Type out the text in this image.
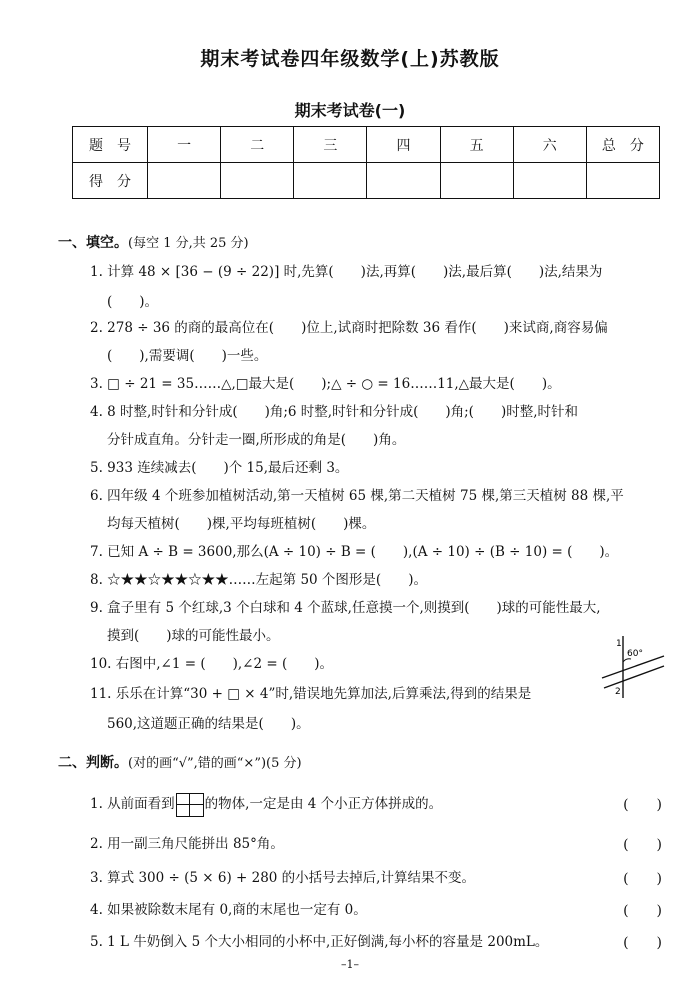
期末考试卷四年级数学(上)苏教版
期末考试卷(一)
题　号	一	二	三	四	五	六	总　分
得　分							
一、填空。(每空 1 分,共 25 分)
1. 计算 48 × [36 − (9 ÷ 22)] 时,先算(　　)法,再算(　　)法,最后算(　　)法,结果为
(　　)。
2. 278 ÷ 36 的商的最高位在(　　)位上,试商时把除数 36 看作(　　)来试商,商容易偏
(　　),需要调(　　)一些。
3. □ ÷ 21 = 35……△,□最大是(　　);△ ÷ ○ = 16……11,△最大是(　　)。
4. 8 时整,时针和分针成(　　)角;6 时整,时针和分针成(　　)角;(　　)时整,时针和
分针成直角。分针走一圈,所形成的角是(　　)角。
5. 933 连续减去(　　)个 15,最后还剩 3。
6. 四年级 4 个班参加植树活动,第一天植树 65 棵,第二天植树 75 棵,第三天植树 88 棵,平
均每天植树(　　)棵,平均每班植树(　　)棵。
7. 已知 A ÷ B = 3600,那么(A ÷ 10) ÷ B = (　　),(A ÷ 10) ÷ (B ÷ 10) = (　　)。
8. ☆★★☆★★☆★★……左起第 50 个图形是(　　)。
9. 盒子里有 5 个红球,3 个白球和 4 个蓝球,任意摸一个,则摸到(　　)球的可能性最大,
摸到(　　)球的可能性最小。
10. 右图中,∠1 = (　　),∠2 = (　　)。
11. 乐乐在计算“30 + □ × 4”时,错误地先算加法,后算乘法,得到的结果是
560,这道题正确的结果是(　　)。
60°
1
2
二、判断。(对的画“√”,错的画“×”)(5 分)
1. 从前面看到 的物体,一定是由 4 个小正方体拼成的。	(　　)
2. 用一副三角尺能拼出 85°角。	(　　)
3. 算式 300 ÷ (5 × 6) + 280 的小括号去掉后,计算结果不变。	(　　)
4. 如果被除数末尾有 0,商的末尾也一定有 0。	(　　)
5. 1 L 牛奶倒入 5 个大小相同的小杯中,正好倒满,每小杯的容量是 200mL。	(　　)
–1–
